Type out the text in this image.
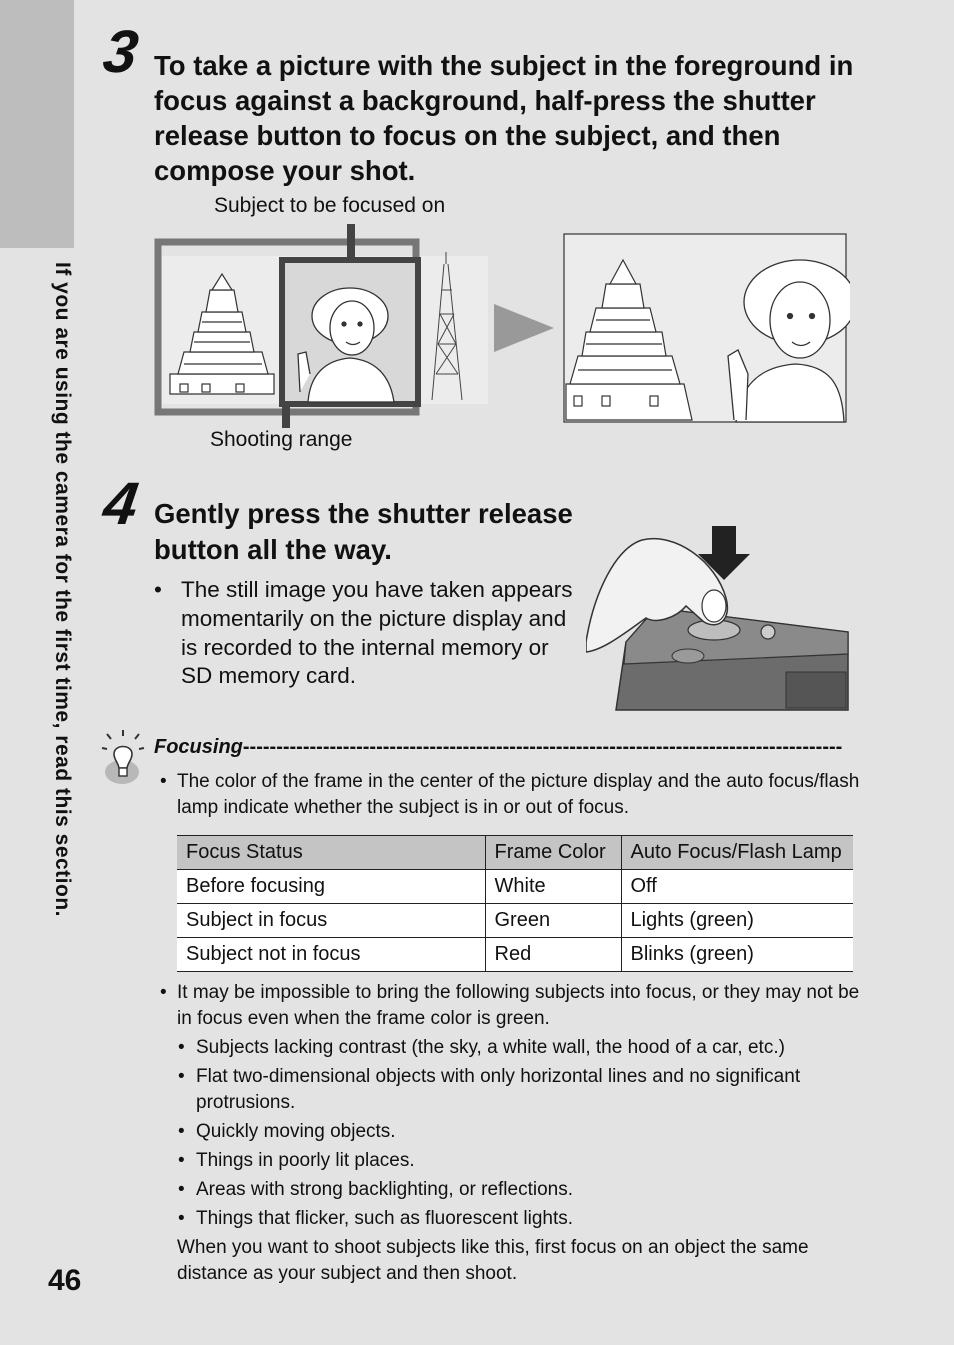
If you are using the camera for the first time, read this section.
3 To take a picture with the subject in the foreground in focus against a background, half-press the shutter release button to focus on the subject, and then compose your shot.
Subject to be focused on
Shooting range
4 Gently press the shutter release button all the way.
• The still image you have taken appears momentarily on the picture display and is recorded to the internal memory or SD memory card.
Focusing------------------------------------------------------------------------------------------
• The color of the frame in the center of the picture display and the auto focus/flash lamp indicate whether the subject is in or out of focus.
Focus Status	Frame Color	Auto Focus/Flash Lamp
Before focusing	White	Off
Subject in focus	Green	Lights (green)
Subject not in focus	Red	Blinks (green)
• It may be impossible to bring the following subjects into focus, or they may not be in focus even when the frame color is green.
• Subjects lacking contrast (the sky, a white wall, the hood of a car, etc.)
• Flat two-dimensional objects with only horizontal lines and no significant protrusions.
• Quickly moving objects.
• Things in poorly lit places.
• Areas with strong backlighting, or reflections.
• Things that flicker, such as fluorescent lights.
When you want to shoot subjects like this, first focus on an object the same distance as your subject and then shoot.
46
